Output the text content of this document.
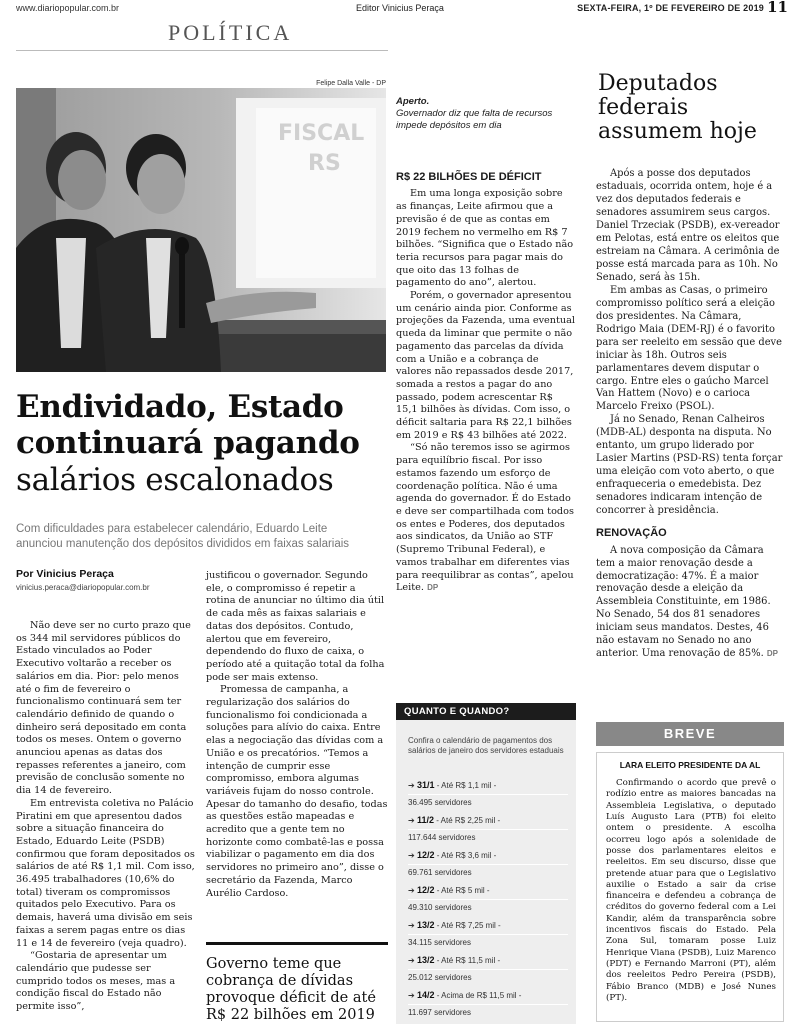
www.diariopopular.com.br	Editor Vinicius Peraça	SEXTA-FEIRA, 1º DE FEVEREIRO DE 2019 11
POLÍTICA
Felipe Dalla Valle - DP
FISCAL
RS
Aperto.
Governador diz que falta de recursos impede depósitos em dia
Endividado, Estado continuará pagando
salários escalonados
Com dificuldades para estabelecer calendário, Eduardo Leite anunciou manutenção dos depósitos divididos em faixas salariais
Por Vinicius Peraça
vinicius.peraca@diariopopular.com.br

Não deve ser no curto prazo que os 344 mil servidores públicos do Estado vinculados ao Poder Executivo voltarão a receber os salários em dia. Pior: pelo menos até o fim de fevereiro o funcionalismo continuará sem ter calendário definido de quando o dinheiro será depositado em conta todos os meses. Ontem o governo anunciou apenas as datas dos repasses referentes a janeiro, com previsão de conclusão somente no dia 14 de fevereiro.

Em entrevista coletiva no Palácio Piratini em que apresentou dados sobre a situação financeira do Estado, Eduardo Leite (PSDB) confirmou que foram depositados os salários de até R$ 1,1 mil. Com isso, 36.495 trabalhadores (10,6% do total) tiveram os compromissos quitados pelo Executivo. Para os demais, haverá uma divisão em seis faixas a serem pagas entre os dias 11 e 14 de fevereiro (veja quadro).

“Gostaria de apresentar um calendário que pudesse ser cumprido todos os meses, mas a condição fiscal do Estado não permite isso”,

justificou o governador. Segundo ele, o compromisso é repetir a rotina de anunciar no último dia útil de cada mês as faixas salariais e datas dos depósitos. Contudo, alertou que em fevereiro, dependendo do fluxo de caixa, o período até a quitação total da folha pode ser mais extenso.

Promessa de campanha, a regularização dos salários do funcionalismo foi condicionada a soluções para alívio do caixa. Entre elas a negociação das dívidas com a União e os precatórios. “Temos a intenção de cumprir esse compromisso, embora algumas variáveis fujam do nosso controle. Apesar do tamanho do desafio, todas as questões estão mapeadas e acredito que a gente tem no horizonte como combatê-las e possa viabilizar o pagamento em dia dos servidores no primeiro ano”, disse o secretário da Fazenda, Marco Aurélio Cardoso.

Governo teme que cobrança de dívidas provoque déficit de até R$ 22 bilhões em 2019
R$ 22 BILHÕES DE DÉFICIT

Em uma longa exposição sobre as finanças, Leite afirmou que a previsão é de que as contas em 2019 fechem no vermelho em R$ 7 bilhões. “Significa que o Estado não teria recursos para pagar mais do que oito das 13 folhas de pagamento do ano”, alertou.

Porém, o governador apresentou um cenário ainda pior. Conforme as projeções da Fazenda, uma eventual queda da liminar que permite o não pagamento das parcelas da dívida com a União e a cobrança de valores não repassados desde 2017, somada a restos a pagar do ano passado, podem acrescentar R$ 15,1 bilhões às dívidas. Com isso, o déficit saltaria para R$ 22,1 bilhões em 2019 e R$ 43 bilhões até 2022.

“Só não teremos isso se agirmos para equilíbrio fiscal. Por isso estamos fazendo um esforço de coordenação política. Não é uma agenda do governador. É do Estado e deve ser compartilhada com todos os entes e Poderes, dos deputados aos sindicatos, da União ao STF (Supremo Tribunal Federal), e vamos trabalhar em diferentes vias para reequilibrar as contas”, apelou Leite. DP

QUANTO E QUANDO?
Confira o calendário de pagamentos dos salários de janeiro dos servidores estaduais
➔ 31/1 - Até R$ 1,1 mil -
36.495 servidores
➔ 11/2 - Até R$ 2,25 mil -
117.644 servidores
➔ 12/2 - Até R$ 3,6 mil -
69.761 servidores
➔ 12/2 - Até R$ 5 mil -
49.310 servidores
➔ 13/2 - Até R$ 7,25 mil -
34.115 servidores
➔ 13/2 - Até R$ 11,5 mil -
25.012 servidores
➔ 14/2 - Acima de R$ 11,5 mil -
11.697 servidores
Deputados federais assumem hoje

Após a posse dos deputados estaduais, ocorrida ontem, hoje é a vez dos deputados federais e senadores assumirem seus cargos. Daniel Trzeciak (PSDB), ex-vereador em Pelotas, está entre os eleitos que estreiam na Câmara. A cerimônia de posse está marcada para as 10h. No Senado, será às 15h.

Em ambas as Casas, o primeiro compromisso político será a eleição dos presidentes. Na Câmara, Rodrigo Maia (DEM-RJ) é o favorito para ser reeleito em sessão que deve iniciar às 18h. Outros seis parlamentares devem disputar o cargo. Entre eles o gaúcho Marcel Van Hattem (Novo) e o carioca Marcelo Freixo (PSOL).

Já no Senado, Renan Calheiros (MDB-AL) desponta na disputa. No entanto, um grupo liderado por Lasier Martins (PSD-RS) tenta forçar uma eleição com voto aberto, o que enfraqueceria o emedebista. Dez senadores indicaram intenção de concorrer à presidência.

RENOVAÇÃO

A nova composição da Câmara tem a maior renovação desde a democratização: 47%. É a maior renovação desde a eleição da Assembleia Constituinte, em 1986. No Senado, 54 dos 81 senadores iniciam seus mandatos. Destes, 46 não estavam no Senado no ano anterior. Uma renovação de 85%. DP

BREVE
LARA ELEITO PRESIDENTE DA AL

Confirmando o acordo que prevê o rodízio entre as maiores bancadas na Assembleia Legislativa, o deputado Luís Augusto Lara (PTB) foi eleito ontem o presidente. A escolha ocorreu logo após a solenidade de posse dos parlamentares eleitos e reeleitos. Em seu discurso, disse que pretende atuar para que o Legislativo auxilie o Estado a sair da crise financeira e defendeu a cobrança de créditos do governo federal com a Lei Kandir, além da transparência sobre incentivos fiscais do Estado. Pela Zona Sul, tomaram posse Luiz Henrique Viana (PSDB), Luiz Marenco (PDT) e Fernando Marroni (PT), além dos reeleitos Pedro Pereira (PSDB), Fábio Branco (MDB) e José Nunes (PT).
